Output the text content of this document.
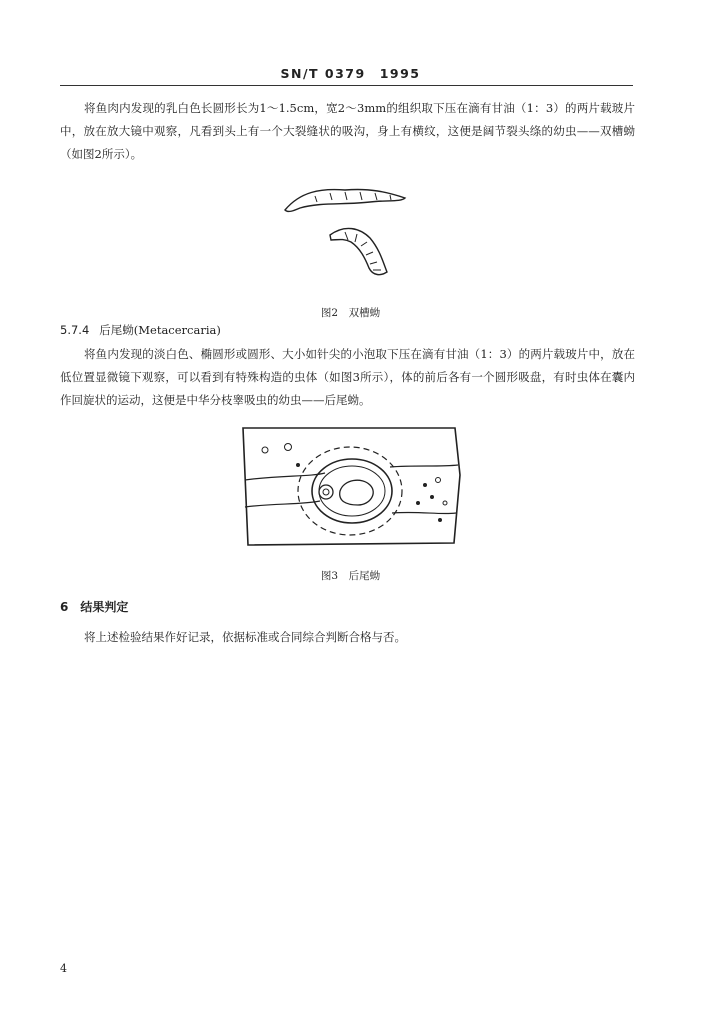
SN/T 0379　1995

将鱼肉内发现的乳白色长圆形长为1～1.5cm，宽2～3mm的组织取下压在滴有甘油（1：3）的两片载玻片中，放在放大镜中观察，凡看到头上有一个大裂缝状的吸沟，身上有横纹，这便是阔节裂头绦的幼虫——双槽蚴（如图2所示）。

图2　双槽蚴
5.7.4 后尾蚴(Metacercaria)

将鱼内发现的淡白色、椭圆形或圆形、大小如针尖的小泡取下压在滴有甘油（1：3）的两片载玻片中，放在低位置显微镜下观察，可以看到有特殊构造的虫体（如图3所示），体的前后各有一个圆形吸盘，有时虫体在囊内作回旋状的运动，这便是中华分枝睾吸虫的幼虫——后尾蚴。

图3　后尾蚴
6 结果判定

将上述检验结果作好记录，依据标准或合同综合判断合格与否。

4
